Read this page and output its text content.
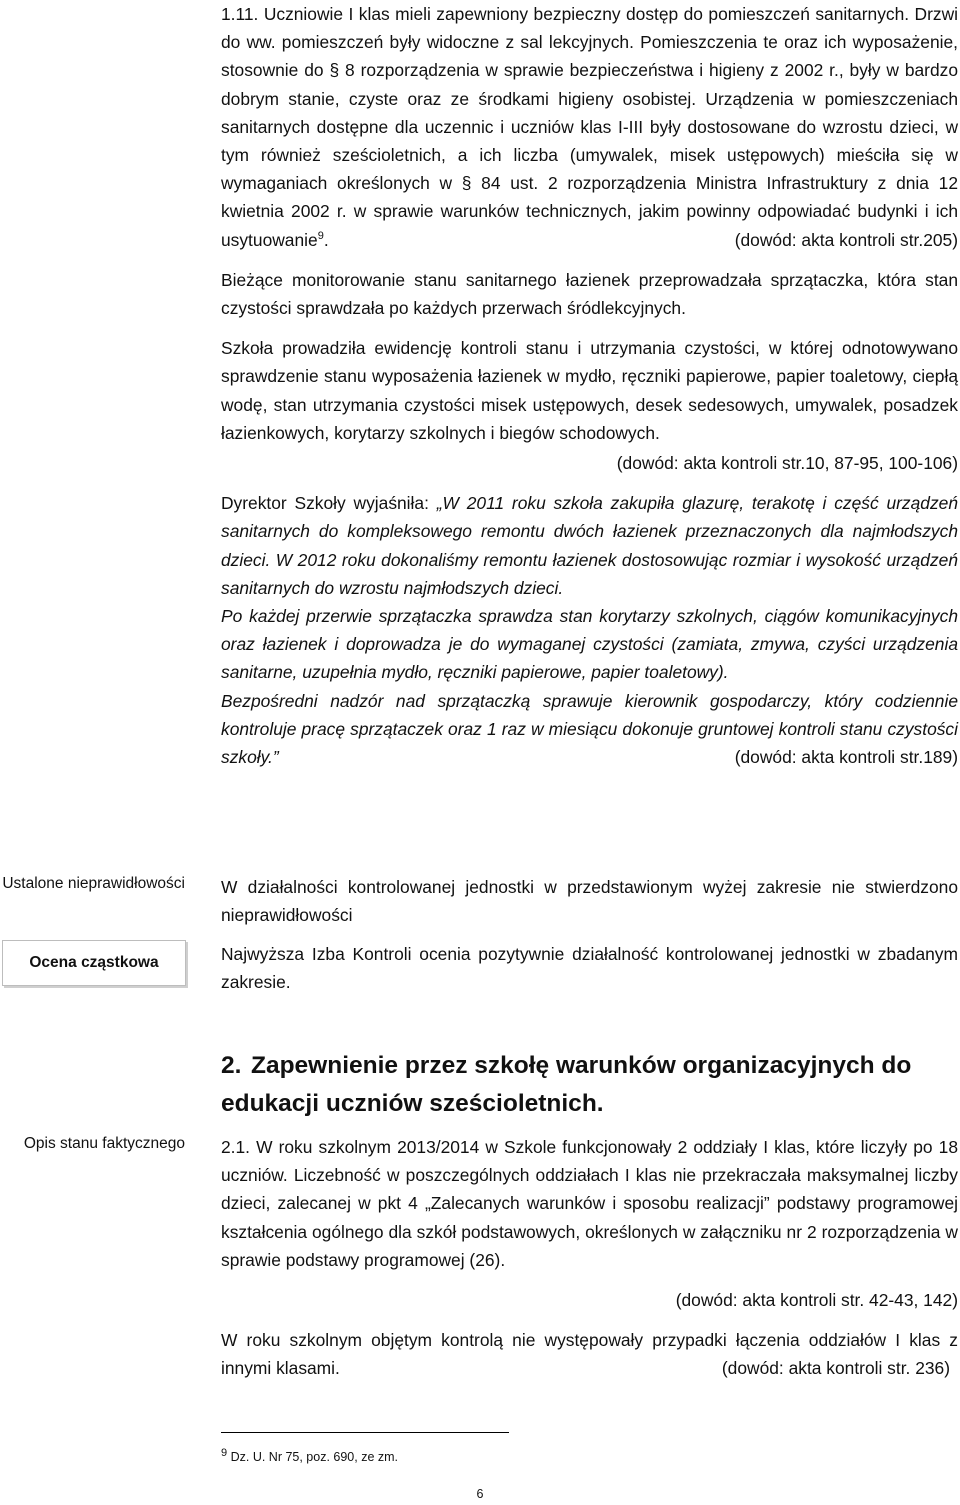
1.11. Uczniowie I klas mieli zapewniony bezpieczny dostęp do pomieszczeń sanitarnych. Drzwi do ww. pomieszczeń były widoczne z sal lekcyjnych. Pomieszczenia te oraz ich wyposażenie, stosownie do § 8 rozporządzenia w sprawie bezpieczeństwa i higieny z 2002 r., były w bardzo dobrym stanie, czyste oraz ze środkami higieny osobistej. Urządzenia w pomieszczeniach sanitarnych dostępne dla uczennic i uczniów klas I-III były dostosowane do wzrostu dzieci, w tym również sześcioletnich, a ich liczba (umywalek, misek ustępowych) mieściła się w wymaganiach określonych w § 84 ust. 2 rozporządzenia Ministra Infrastruktury z dnia 12 kwietnia 2002 r. w sprawie warunków technicznych, jakim powinny odpowiadać budynki i ich usytuowanie$^9$.	(dowód: akta kontroli str.205)

Bieżące monitorowanie stanu sanitarnego łazienek przeprowadzała sprzątaczka, która stan czystości sprawdzała po każdych przerwach śródlekcyjnych.

Szkoła prowadziła ewidencję kontroli stanu i utrzymania czystości, w której odnotowywano sprawdzenie stanu wyposażenia łazienek w mydło, ręczniki papierowe, papier toaletowy, ciepłą wodę, stan utrzymania czystości misek ustępowych, desek sedesowych, umywalek, posadzek łazienkowych, korytarzy szkolnych i biegów schodowych.

(dowód: akta kontroli str.10, 87-95, 100-106)

Dyrektor Szkoły wyjaśniła: „W 2011 roku szkoła zakupiła glazurę, terakotę i część urządzeń sanitarnych do kompleksowego remontu dwóch łazienek przeznaczonych dla najmłodszych dzieci. W 2012 roku dokonaliśmy remontu łazienek dostosowując rozmiar i wysokość urządzeń sanitarnych do wzrostu najmłodszych dzieci.

Po każdej przerwie sprzątaczka sprawdza stan korytarzy szkolnych, ciągów komunikacyjnych oraz łazienek i doprowadza je do wymaganej czystości (zamiata, zmywa, czyści urządzenia sanitarne, uzupełnia mydło, ręczniki papierowe, papier toaletowy).

Bezpośredni nadzór nad sprzątaczką sprawuje kierownik gospodarczy, który codziennie kontroluje pracę sprzątaczek oraz 1 raz w miesiącu dokonuje gruntowej kontroli stanu czystości szkoły.”	(dowód: akta kontroli str.189)

Ustalone nieprawidłowości
Ocena cząstkowa
Opis stanu faktycznego
W działalności kontrolowanej jednostki w przedstawionym wyżej zakresie nie stwierdzono nieprawidłowości
Najwyższa Izba Kontroli ocenia pozytywnie działalność kontrolowanej jednostki w zbadanym zakresie.
2. Zapewnienie przez szkołę warunków organizacyjnych do edukacji uczniów sześcioletnich.

2.1. W roku szkolnym 2013/2014 w Szkole funkcjonowały 2 oddziały I klas, które liczyły po 18 uczniów. Liczebność w poszczególnych oddziałach I klas nie przekraczała maksymalnej liczby dzieci, zalecanej w pkt 4 „Zalecanych warunków i sposobu realizacji” podstawy programowej kształcenia ogólnego dla szkół podstawowych, określonych w załączniku nr 2 rozporządzenia w sprawie podstawy programowej (26).

(dowód: akta kontroli str. 42-43, 142)

W roku szkolnym objętym kontrolą nie występowały przypadki łączenia oddziałów I klas z innymi klasami.	(dowód: akta kontroli str. 236)

$^9$ Dz. U. Nr 75, poz. 690, ze zm.
6
